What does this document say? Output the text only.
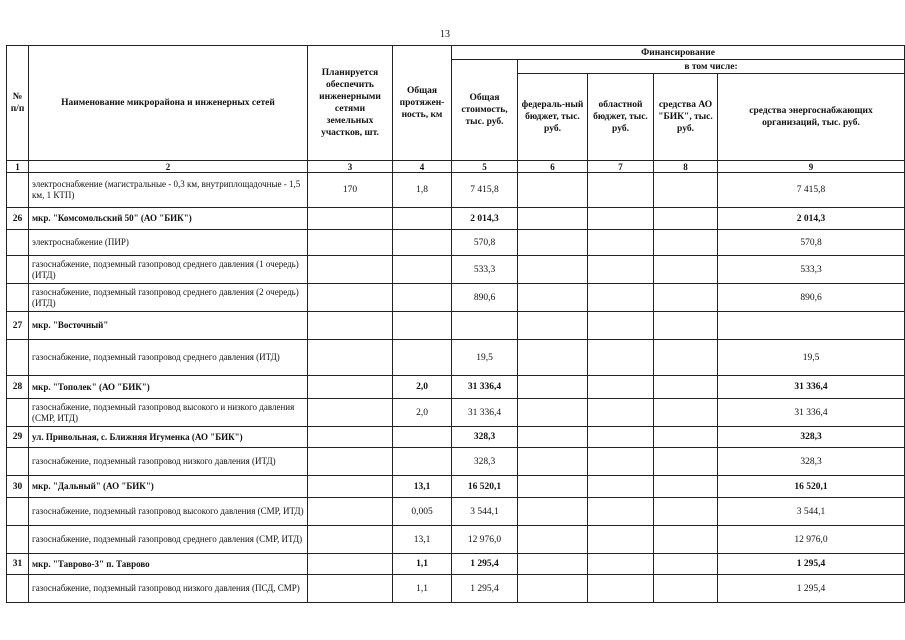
13
№ п/п	Наименование микрорайона и инженерных сетей	Планируется обеспечить инженерными сетями земельных участков, шт.	Общая протяжен-ность, км	Финансирование				
				Общая стоимость, тыс. руб.	в том числе:			
					федераль-ный бюджет, тыс. руб.	областной бюджет, тыс. руб.	средства АО "БИК", тыс. руб.	средства энергоснабжающих организаций, тыс. руб.
1	2	3	4	5	6	7	8	9
	электроснабжение (магистральные - 0,3 км, внутриплощадочные - 1,5 км, 1 КТП)	170	1,8	7 415,8				7 415,8
26	мкр. "Комсомольский 50" (АО "БИК")			2 014,3				2 014,3
	электроснабжение (ПИР)			570,8				570,8
	газоснабжение, подземный газопровод среднего давления (1 очередь) (ИТД)			533,3				533,3
	газоснабжение, подземный газопровод среднего давления (2 очередь) (ИТД)			890,6				890,6
27	мкр. "Восточный"							
	газоснабжение, подземный газопровод среднего давления (ИТД)			19,5				19,5
28	мкр. "Тополек" (АО "БИК")		2,0	31 336,4				31 336,4
	газоснабжение, подземный газопровод высокого и низкого давления (СМР, ИТД)		2,0	31 336,4				31 336,4
29	ул. Привольная, с. Ближняя Игуменка (АО "БИК")			328,3				328,3
	газоснабжение, подземный газопровод низкого давления (ИТД)			328,3				328,3
30	мкр. "Дальный" (АО "БИК")		13,1	16 520,1				16 520,1
	газоснабжение, подземный газопровод высокого давления (СМР, ИТД)		0,005	3 544,1				3 544,1
	газоснабжение, подземный газопровод среднего давления (СМР, ИТД)		13,1	12 976,0				12 976,0
31	мкр. "Таврово-3" п. Таврово		1,1	1 295,4				1 295,4
	газоснабжение, подземный газопровод низкого давления (ПСД, СМР)		1,1	1 295,4				1 295,4
